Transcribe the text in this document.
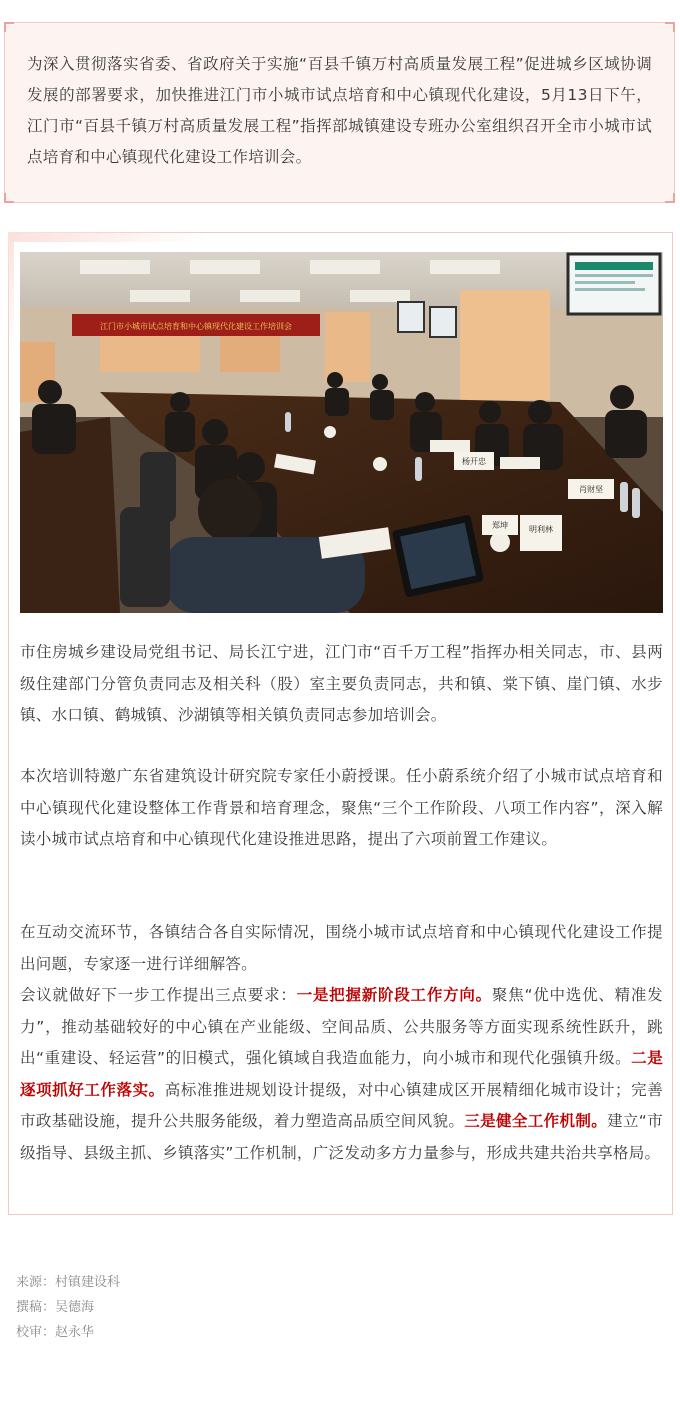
为深入贯彻落实省委、省政府关于实施“百县千镇万村高质量发展工程”促进城乡区域协调发展的部署要求，加快推进江门市小城市试点培育和中心镇现代化建设，5月13日下午，江门市“百县千镇万村高质量发展工程”指挥部城镇建设专班办公室组织召开全市小城市试点培育和中心镇现代化建设工作培训会。

江门市小城市试点培育和中心镇现代化建设工作培训会
杨开忠
肖财坚
郑坤	明利林

市住房城乡建设局党组书记、局长江宁进，江门市“百千万工程”指挥办相关同志，市、县两级住建部门分管负责同志及相关科（股）室主要负责同志，共和镇、棠下镇、崖门镇、水步镇、水口镇、鹤城镇、沙湖镇等相关镇负责同志参加培训会。

本次培训特邀广东省建筑设计研究院专家任小蔚授课。任小蔚系统介绍了小城市试点培育和中心镇现代化建设整体工作背景和培育理念，聚焦“三个工作阶段、八项工作内容”，深入解读小城市试点培育和中心镇现代化建设推进思路，提出了六项前置工作建议。

在互动交流环节，各镇结合各自实际情况，围绕小城市试点培育和中心镇现代化建设工作提出问题，专家逐一进行详细解答。

会议就做好下一步工作提出三点要求：一是把握新阶段工作方向。聚焦“优中选优、精准发力”，推动基础较好的中心镇在产业能级、空间品质、公共服务等方面实现系统性跃升，跳出“重建设、轻运营”的旧模式，强化镇域自我造血能力，向小城市和现代化强镇升级。二是逐项抓好工作落实。高标准推进规划设计提级，对中心镇建成区开展精细化城市设计；完善市政基础设施，提升公共服务能级，着力塑造高品质空间风貌。三是健全工作机制。建立“市级指导、县级主抓、乡镇落实”工作机制，广泛发动多方力量参与，形成共建共治共享格局。

来源：村镇建设科
撰稿：吴德海
校审：赵永华
